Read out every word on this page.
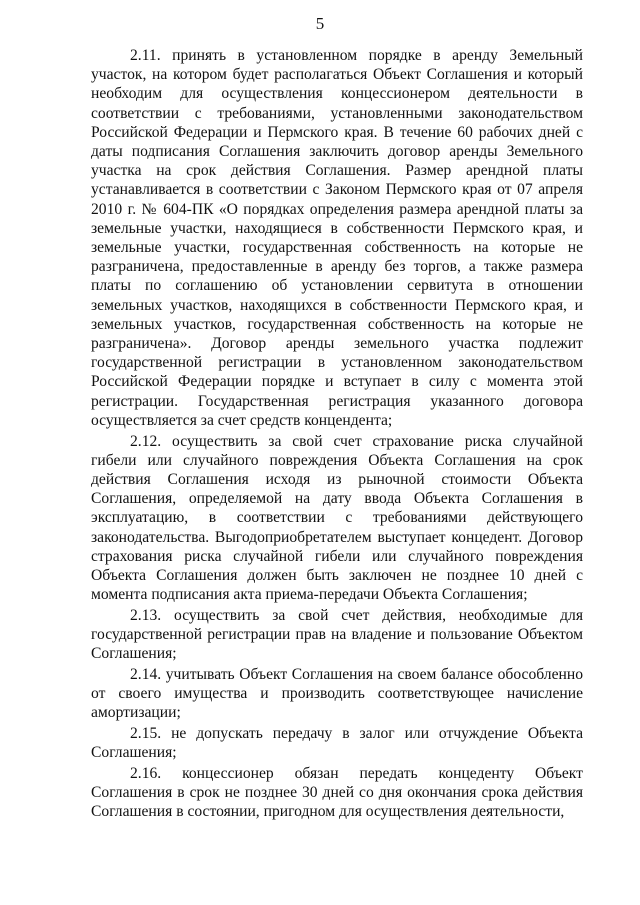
5

2.11. принять в установленном порядке в аренду Земельный участок, на котором будет располагаться Объект Соглашения и который необходим для осуществления концессионером деятельности в соответствии с требованиями, установленными законодательством Российской Федерации и Пермского края. В течение 60 рабочих дней с даты подписания Соглашения заключить договор аренды Земельного участка на срок действия Соглашения. Размер арендной платы устанавливается в соответствии с Законом Пермского края от 07 апреля 2010 г. № 604-ПК «О порядках определения размера арендной платы за земельные участки, находящиеся в собственности Пермского края, и земельные участки, государственная собственность на которые не разграничена, предоставленные в аренду без торгов, а также размера платы по соглашению об установлении сервитута в отношении земельных участков, находящихся в собственности Пермского края, и земельных участков, государственная собственность на которые не разграничена». Договор аренды земельного участка подлежит государственной регистрации в установленном законодательством Российской Федерации порядке и вступает в силу с момента этой регистрации. Государственная регистрация указанного договора осуществляется за счет средств концендента;

2.12. осуществить за свой счет страхование риска случайной гибели или случайного повреждения Объекта Соглашения на срок действия Соглашения исходя из рыночной стоимости Объекта Соглашения, определяемой на дату ввода Объекта Соглашения в эксплуатацию, в соответствии с требованиями действующего законодательства. Выгодоприобретателем выступает концедент. Договор страхования риска случайной гибели или случайного повреждения Объекта Соглашения должен быть заключен не позднее 10 дней с момента подписания акта приема-передачи Объекта Соглашения;

2.13. осуществить за свой счет действия, необходимые для государственной регистрации прав на владение и пользование Объектом Соглашения;

2.14. учитывать Объект Соглашения на своем балансе обособленно от своего имущества и производить соответствующее начисление амортизации;

2.15. не допускать передачу в залог или отчуждение Объекта Соглашения;

2.16. концессионер обязан передать концеденту Объект Соглашения в срок не позднее 30 дней со дня окончания срока действия Соглашения в состоянии, пригодном для осуществления деятельности,
